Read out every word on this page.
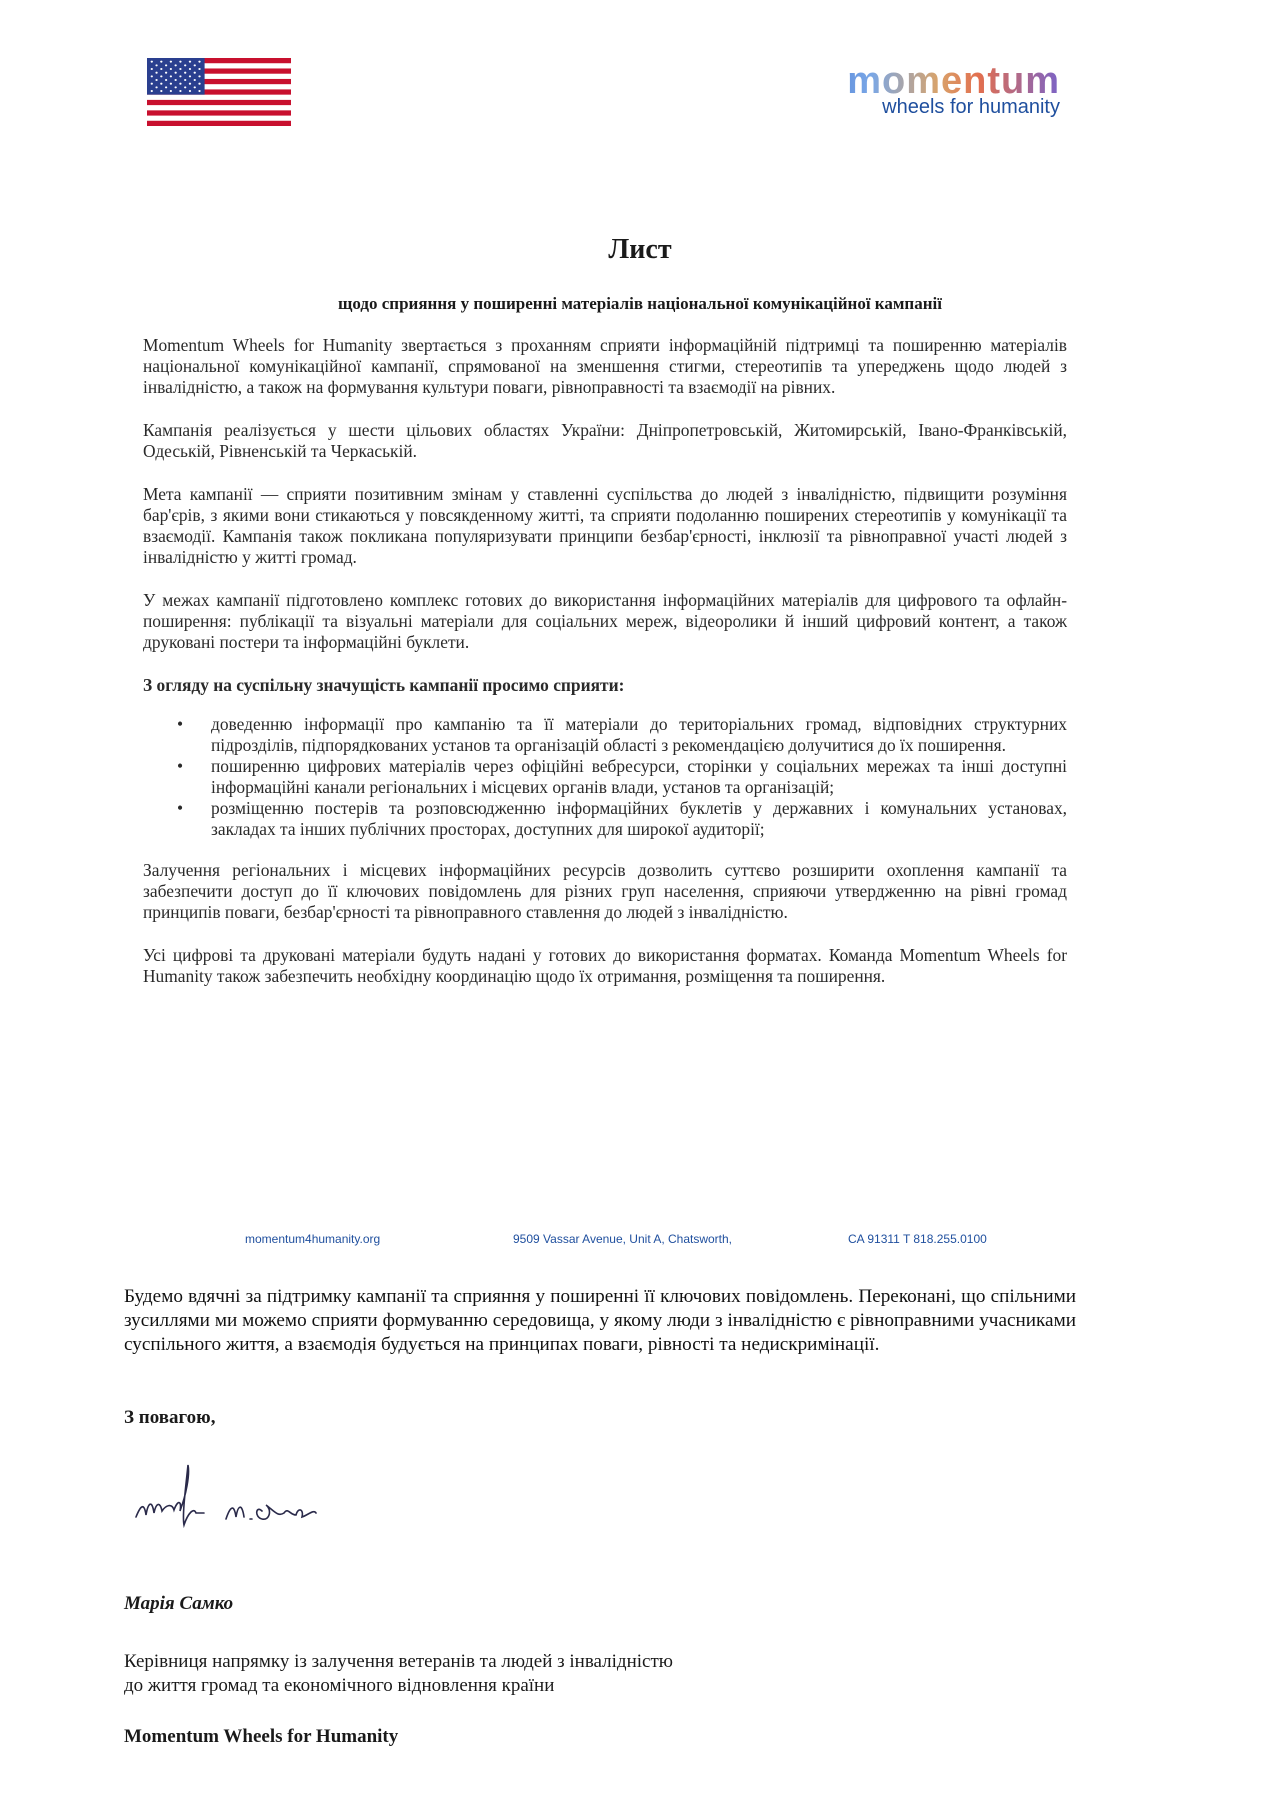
momentum
wheels for humanity
Лист
щодо сприяння у поширенні матеріалів національної комунікаційної кампанії

Momentum Wheels for Humanity звертається з проханням сприяти інформаційній підтримці та поширенню матеріалів національної комунікаційної кампанії, спрямованої на зменшення стигми, стереотипів та упереджень щодо людей з інвалідністю, а також на формування культури поваги, рівноправності та взаємодії на рівних.

Кампанія реалізується у шести цільових областях України: Дніпропетровській, Житомирській, Івано-Франківській, Одеській, Рівненській та Черкаській.

Мета кампанії — сприяти позитивним змінам у ставленні суспільства до людей з інвалідністю, підвищити розуміння бар'єрів, з якими вони стикаються у повсякденному житті, та сприяти подоланню поширених стереотипів у комунікації та взаємодії. Кампанія також покликана популяризувати принципи безбар'єрності, інклюзії та рівноправної участі людей з інвалідністю у житті громад.

У межах кампанії підготовлено комплекс готових до використання інформаційних матеріалів для цифрового та офлайн-поширення: публікації та візуальні матеріали для соціальних мереж, відеоролики й інший цифровий контент, а також друковані постери та інформаційні буклети.

З огляду на суспільну значущість кампанії просимо сприяти:

• доведенню інформації про кампанію та її матеріали до територіальних громад, відповідних структурних підрозділів, підпорядкованих установ та організацій області з рекомендацією долучитися до їх поширення.
• поширенню цифрових матеріалів через офіційні вебресурси, сторінки у соціальних мережах та інші доступні інформаційні канали регіональних і місцевих органів влади, установ та організацій;
• розміщенню постерів та розповсюдженню інформаційних буклетів у державних і комунальних установах, закладах та інших публічних просторах, доступних для широкої аудиторії;

Залучення регіональних і місцевих інформаційних ресурсів дозволить суттєво розширити охоплення кампанії та забезпечити доступ до її ключових повідомлень для різних груп населення, сприяючи утвердженню на рівні громад принципів поваги, безбар'єрності та рівноправного ставлення до людей з інвалідністю.

Усі цифрові та друковані матеріали будуть надані у готових до використання форматах. Команда Momentum Wheels for Humanity також забезпечить необхідну координацію щодо їх отримання, розміщення та поширення.

momentum4humanity.org	9509 Vassar Avenue, Unit A, Chatsworth,	CA 91311 T 818.255.0100

Будемо вдячні за підтримку кампанії та сприяння у поширенні її ключових повідомлень. Переконані, що спільними зусиллями ми можемо сприяти формуванню середовища, у якому люди з інвалідністю є рівноправними учасниками суспільного життя, а взаємодія будується на принципах поваги, рівності та недискримінації.

З повагою,
Марія Самко
Керівниця напрямку із залучення ветеранів та людей з інвалідністю
до життя громад та економічного відновлення країни
Momentum Wheels for Humanity
